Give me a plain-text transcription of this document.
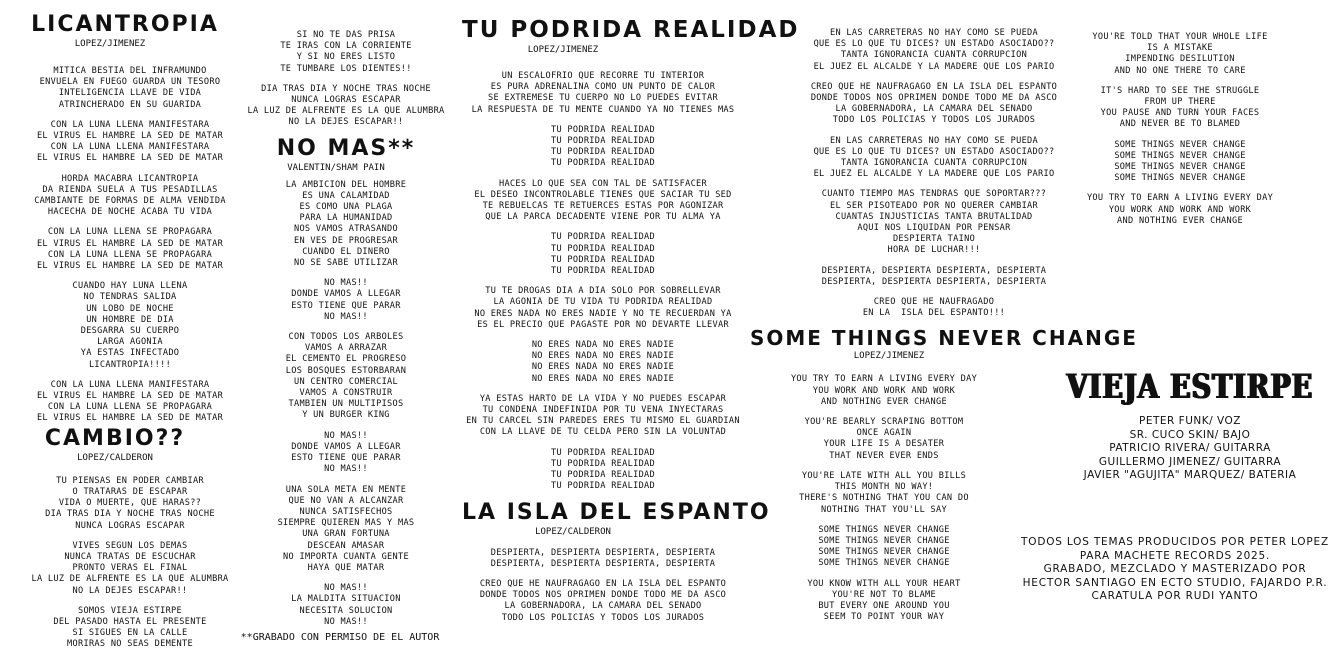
LICANTROPIA
LOPEZ/JIMENEZ
MITICA BESTIA DEL INFRAMUNDO
ENVUELA EN FUEGO GUARDA UN TESORO
INTELIGENCIA LLAVE DE VIDA
ATRINCHERADO EN SU GUARIDA
CON LA LUNA LLENA MANIFESTARA
EL VIRUS EL HAMBRE LA SED DE MATAR
CON LA LUNA LLENA MANIFESTARA
EL VIRUS EL HAMBRE LA SED DE MATAR
HORDA MACABRA LICANTROPIA
DA RIENDA SUELA A TUS PESADILLAS
CAMBIANTE DE FORMAS DE ALMA VENDIDA
HACECHA DE NOCHE ACABA TU VIDA
CON LA LUNA LLENA SE PROPAGARA
EL VIRUS EL HAMBRE LA SED DE MATAR
CON LA LUNA LLENA SE PROPAGARA
EL VIRUS EL HAMBRE LA SED DE MATAR
CUANDO HAY LUNA LLENA
NO TENDRAS SALIDA
UN LOBO DE NOCHE
UN HOMBRE DE DIA
DESGARRA SU CUERPO
LARGA AGONIA
YA ESTAS INFECTADO
LICANTROPIA!!!!
CON LA LUNA LLENA MANIFESTARA
EL VIRUS EL HAMBRE LA SED DE MATAR
CON LA LUNA LLENA SE PROPAGARA
EL VIRUS EL HAMBRE LA SED DE MATAR
CAMBIO??
LOPEZ/CALDERON
TU PIENSAS EN PODER CAMBIAR
O TRATARAS DE ESCAPAR
VIDA O MUERTE, QUE HARAS??
DIA TRAS DIA Y NOCHE TRAS NOCHE
NUNCA LOGRAS ESCAPAR
VIVES SEGUN LOS DEMAS
NUNCA TRATAS DE ESCUCHAR
PRONTO VERAS EL FINAL
LA LUZ DE ALFRENTE ES LA QUE ALUMBRA
NO LA DEJES ESCAPAR!!
SOMOS VIEJA ESTIRPE
DEL PASADO HASTA EL PRESENTE
SI SIGUES EN LA CALLE
MORIRAS NO SEAS DEMENTE
SI NO TE DAS PRISA
TE IRAS CON LA CORRIENTE
Y SI NO ERES LISTO
TE TUMBARE LOS DIENTES!!
DIA TRAS DIA Y NOCHE TRAS NOCHE
NUNCA LOGRAS ESCAPAR
LA LUZ DE ALFRENTE ES LA QUE ALUMBRA
NO LA DEJES ESCAPAR!!
NO MAS**
VALENTIN/SHAM PAIN
LA AMBICION DEL HOMBRE
ES UNA CALAMIDAD
ES COMO UNA PLAGA
PARA LA HUMANIDAD
NOS VAMOS ATRASANDO
EN VES DE PROGRESAR
CUANDO EL DINERO
NO SE SABE UTILIZAR
NO MAS!!
DONDE VAMOS A LLEGAR
ESTO TIENE QUE PARAR
NO MAS!!
CON TODOS LOS ARBOLES
VAMOS A ARRAZAR
EL CEMENTO EL PROGRESO
LOS BOSQUES ESTORBARAN
UN CENTRO COMERCIAL
VAMOS A CONSTRUIR
TAMBIEN UN MULTIPISOS
Y UN BURGER KING
NO MAS!!
DONDE VAMOS A LLEGAR
ESTO TIENE QUE PARAR
NO MAS!!
UNA SOLA META EN MENTE
QUE NO VAN A ALCANZAR
NUNCA SATISFECHOS
SIEMPRE QUIEREN MAS Y MAS
UNA GRAN FORTUNA
DESCEAN AMASAR
NO IMPORTA CUANTA GENTE
HAYA QUE MATAR
NO MAS!!
LA MALDITA SITUACION
NECESITA SOLUCION
NO MAS!!
**GRABADO CON PERMISO DE EL AUTOR
TU PODRIDA REALIDAD
LOPEZ/JIMENEZ
UN ESCALOFRIO QUE RECORRE TU INTERIOR
ES PURA ADRENALINA COMO UN PUNTO DE CALOR
SE EXTREMESE TU CUERPO NO LO PUEDES EVITAR
LA RESPUESTA DE TU MENTE CUANDO YA NO TIENES MAS
TU PODRIDA REALIDAD
TU PODRIDA REALIDAD
TU PODRIDA REALIDAD
TU PODRIDA REALIDAD
HACES LO QUE SEA CON TAL DE SATISFACER
EL DESEO INCONTROLABLE TIENES QUE SACIAR TU SED
TE REBUELCAS TE RETUERCES ESTAS POR AGONIZAR
QUE LA PARCA DECADENTE VIENE POR TU ALMA YA
TU PODRIDA REALIDAD
TU PODRIDA REALIDAD
TU PODRIDA REALIDAD
TU PODRIDA REALIDAD
TU TE DROGAS DIA A DIA SOLO POR SOBRELLEVAR
LA AGONIA DE TU VIDA TU PODRIDA REALIDAD
NO ERES NADA NO ERES NADIE Y NO TE RECUERDAN YA
ES EL PRECIO QUE PAGASTE POR NO DEVARTE LLEVAR
NO ERES NADA NO ERES NADIE
NO ERES NADA NO ERES NADIE
NO ERES NADA NO ERES NADIE
NO ERES NADA NO ERES NADIE
YA ESTAS HARTO DE LA VIDA Y NO PUEDES ESCAPAR
TU CONDENA INDEFINIDA POR TU VENA INYECTARAS
EN TU CARCEL SIN PAREDES ERES TU MISMO EL GUARDIAN
CON LA LLAVE DE TU CELDA PERO SIN LA VOLUNTAD
TU PODRIDA REALIDAD
TU PODRIDA REALIDAD
TU PODRIDA REALIDAD
TU PODRIDA REALIDAD
LA ISLA DEL ESPANTO
LOPEZ/CALDERON
DESPIERTA, DESPIERTA DESPIERTA, DESPIERTA
DESPIERTA, DESPIERTA DESPIERTA, DESPIERTA
CREO QUE HE NAUFRAGAGO EN LA ISLA DEL ESPANTO
DONDE TODOS NOS OPRIMEN DONDE TODO ME DA ASCO
LA GOBERNADORA, LA CAMARA DEL SENADO
TODO LOS POLICIAS Y TODOS LOS JURADOS
EN LAS CARRETERAS NO HAY COMO SE PUEDA
QUE ES LO QUE TU DICES? UN ESTADO ASOCIADO??
TANTA IGNORANCIA CUANTA CORRUPCION
EL JUEZ EL ALCALDE Y LA MADERE QUE LOS PARIO
CREO QUE HE NAUFRAGAGO EN LA ISLA DEL ESPANTO
DONDE TODOS NOS OPRIMEN DONDE TODO ME DA ASCO
LA GOBERNADORA, LA CAMARA DEL SENADO
TODO LOS POLICIAS Y TODOS LOS JURADOS
EN LAS CARRETERAS NO HAY COMO SE PUEDA
QUE ES LO QUE TU DICES? UN ESTADO ASOCIADO??
TANTA IGNORANCIA CUANTA CORRUPCION
EL JUEZ EL ALCALDE Y LA MADERE QUE LOS PARIO
CUANTO TIEMPO MAS TENDRAS QUE SOPORTAR???
EL SER PISOTEADO POR NO QUERER CAMBIAR
CUANTAS INJUSTICIAS TANTA BRUTALIDAD
AQUI NOS LIQUIDAN POR PENSAR
DESPIERTA TAINO
HORA DE LUCHAR!!!
DESPIERTA, DESPIERTA DESPIERTA, DESPIERTA
DESPIERTA, DESPIERTA DESPIERTA, DESPIERTA
CREO QUE HE NAUFRAGADO
EN LA  ISLA DEL ESPANTO!!!
SOME THINGS NEVER CHANGE
LOPEZ/JIMENEZ
YOU TRY TO EARN A LIVING EVERY DAY
YOU WORK AND WORK AND WORK
AND NOTHING EVER CHANGE
YOU'RE BEARLY SCRAPING BOTTOM
ONCE AGAIN
YOUR LIFE IS A DESATER
THAT NEVER EVER ENDS
YOU'RE LATE WITH ALL YOU BILLS
THIS MONTH NO WAY!
THERE'S NOTHING THAT YOU CAN DO
NOTHING THAT YOU'LL SAY
SOME THINGS NEVER CHANGE
SOME THINGS NEVER CHANGE
SOME THINGS NEVER CHANGE
SOME THINGS NEVER CHANGE
YOU KNOW WITH ALL YOUR HEART
YOU'RE NOT TO BLAME
BUT EVERY ONE AROUND YOU
SEEM TO POINT YOUR WAY
YOU'RE TOLD THAT YOUR WHOLE LIFE
IS A MISTAKE
IMPENDING DESILUTION
AND NO ONE THERE TO CARE
IT'S HARD TO SEE THE STRUGGLE
FROM UP THERE
YOU PAUSE AND TURN YOUR FACES
AND NEVER BE TO BLAMED
SOME THINGS NEVER CHANGE
SOME THINGS NEVER CHANGE
SOME THINGS NEVER CHANGE
SOME THINGS NEVER CHANGE
YOU TRY TO EARN A LIVING EVERY DAY
YOU WORK AND WORK AND WORK
AND NOTHING EVER CHANGE
VIEJA ESTIRPE
PETER FUNK/ VOZ
SR. CUCO SKIN/ BAJO
PATRICIO RIVERA/ GUITARRA
GUILLERMO JIMENEZ/ GUITARRA
JAVIER "AGUJITA" MARQUEZ/ BATERIA
TODOS LOS TEMAS PRODUCIDOS POR PETER LOPEZ
PARA MACHETE RECORDS 2025.
GRABADO, MEZCLADO Y MASTERIZADO POR
HECTOR SANTIAGO EN ECTO STUDIO, FAJARDO P.R.
CARATULA POR RUDI YANTO
